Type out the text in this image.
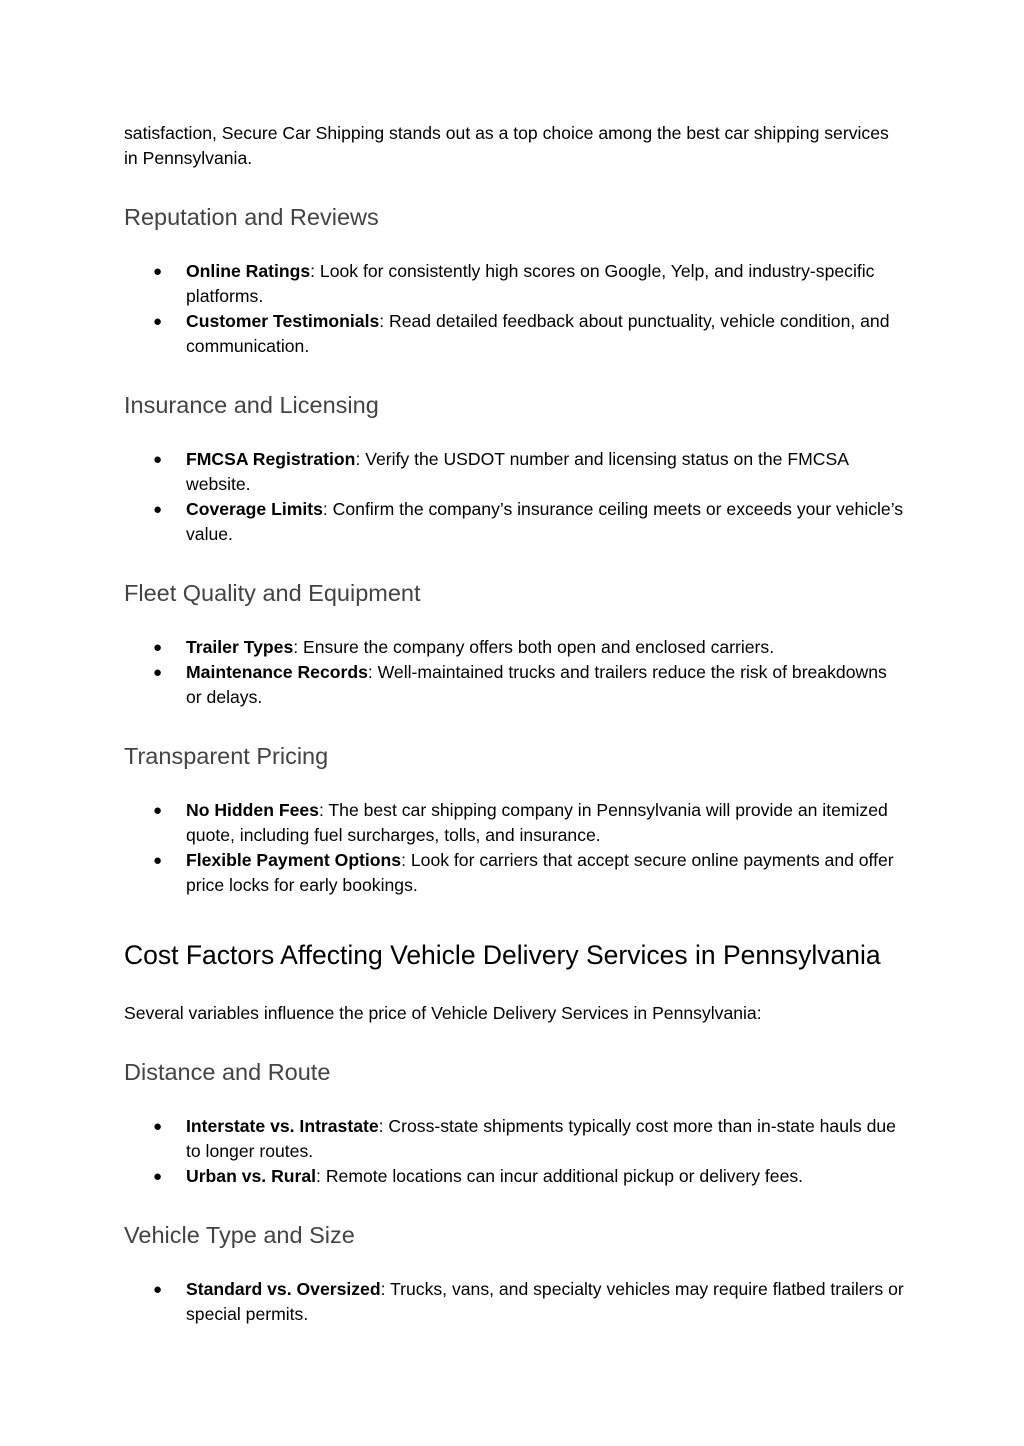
satisfaction, Secure Car Shipping stands out as a top choice among the best car shipping services in Pennsylvania.

Reputation and Reviews
● Online Ratings: Look for consistently high scores on Google, Yelp, and industry‑specific platforms.
● Customer Testimonials: Read detailed feedback about punctuality, vehicle condition, and communication.
Insurance and Licensing
● FMCSA Registration: Verify the USDOT number and licensing status on the FMCSA website.
● Coverage Limits: Confirm the company’s insurance ceiling meets or exceeds your vehicle’s value.
Fleet Quality and Equipment
● Trailer Types: Ensure the company offers both open and enclosed carriers.
● Maintenance Records: Well‑maintained trucks and trailers reduce the risk of breakdowns or delays.
Transparent Pricing
● No Hidden Fees: The best car shipping company in Pennsylvania will provide an itemized quote, including fuel surcharges, tolls, and insurance.
● Flexible Payment Options: Look for carriers that accept secure online payments and offer price locks for early bookings.
Cost Factors Affecting Vehicle Delivery Services in Pennsylvania

Several variables influence the price of Vehicle Delivery Services in Pennsylvania:

Distance and Route
● Interstate vs. Intrastate: Cross‑state shipments typically cost more than in‑state hauls due to longer routes.
● Urban vs. Rural: Remote locations can incur additional pickup or delivery fees.
Vehicle Type and Size
● Standard vs. Oversized: Trucks, vans, and specialty vehicles may require flatbed trailers or special permits.
